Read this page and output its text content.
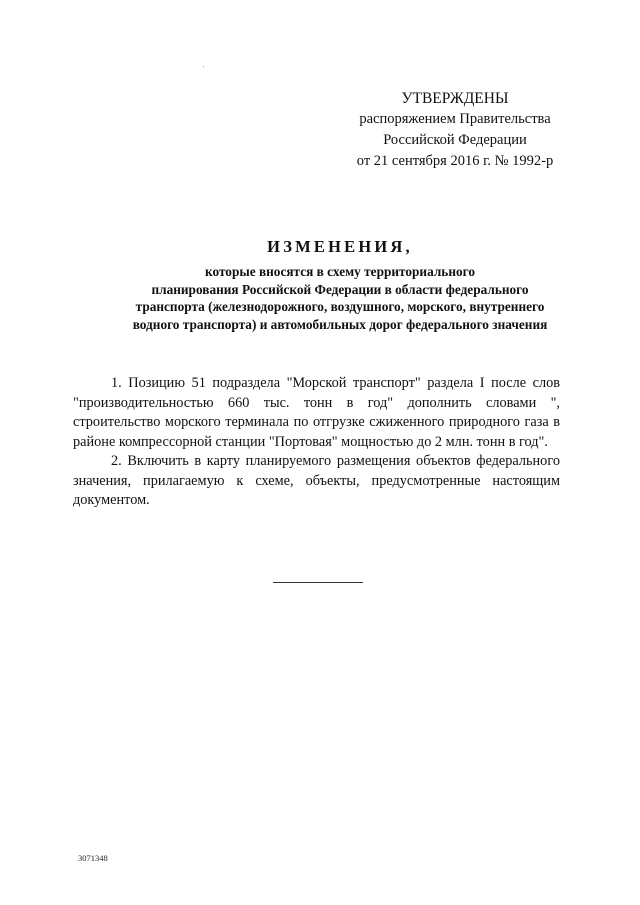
УТВЕРЖДЕНЫ
распоряжением Правительства
Российской Федерации
от 21 сентября 2016 г. № 1992-р
ИЗМЕНЕНИЯ,
которые вносятся в схему территориального
планирования Российской Федерации в области федерального
транспорта (железнодорожного, воздушного, морского, внутреннего
водного транспорта) и автомобильных дорог федерального значения

1. Позицию 51 подраздела "Морской транспорт" раздела I после слов "производительностью 660 тыс. тонн в год" дополнить словами ", строительство морского терминала по отгрузке сжиженного природного газа в районе компрессорной станции "Портовая" мощностью до 2 млн. тонн в год".

2. Включить в карту планируемого размещения объектов федерального значения, прилагаемую к схеме, объекты, предусмотренные настоящим документом.

3071348
